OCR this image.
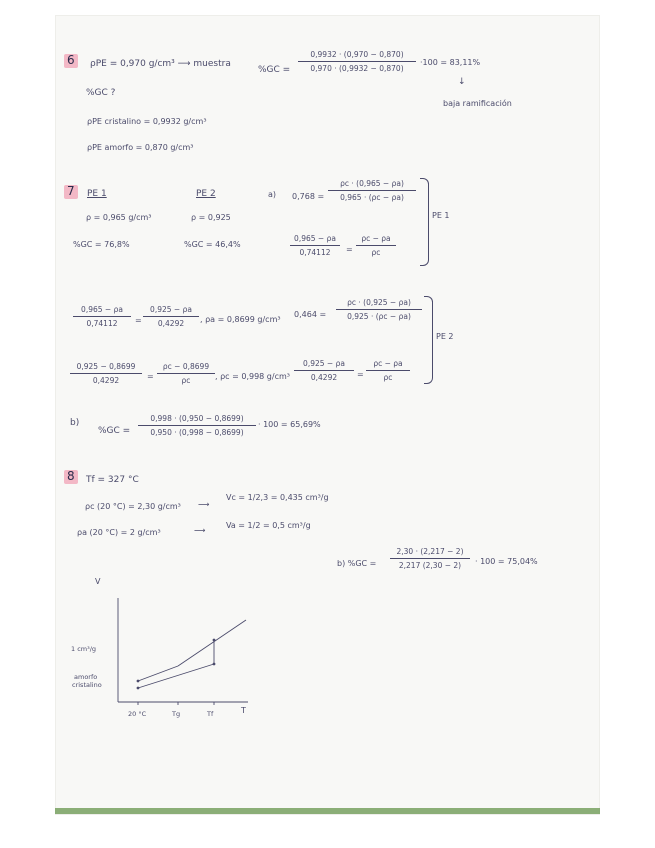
6 ρPE = 0,970 g/cm³ ⟶ muestra
%GC ?
ρPE cristalino = 0,9932 g/cm³
ρPE amorfo = 0,870 g/cm³
%GC =
0,9932 · (0,970 − 0,870)
0,970 · (0,9932 − 0,870)
·100 = 83,11%
↓
baja ramificación
7 PE 1
ρ = 0,965 g/cm³
%GC = 76,8%
PE 2
ρ = 0,925
%GC = 46,4%
a) 0,768 =
ρc · (0,965 − ρa)
0,965 · (ρc − ρa)
0,965 − ρa
0,74112	=
ρc − ρa
ρc
PE 1
0,965 − ρa
0,74112	=
0,925 − ρa
0,4292	, ρa = 0,8699 g/cm³
0,464 =
ρc · (0,925 − ρa)
0,925 · (ρc − ρa)
PE 2
0,925 − 0,8699
0,4292	=
ρc − 0,8699
ρc	, ρc = 0,998 g/cm³
0,925 − ρa
0,4292	=
ρc − ρa
ρc
b)
%GC =
0,998 · (0,950 − 0,8699)
0,950 · (0,998 − 0,8699)
· 100 = 65,69%
8 Tf = 327 °C
ρc (20 °C) = 2,30 g/cm³ ⟶
Vc = 1/2,3 = 0,435 cm³/g
ρa (20 °C) = 2 g/cm³	⟶
Va = 1/2 = 0,5 cm³/g
b) %GC =
2,30 · (2,217 − 2)
2,217 (2,30 − 2)	· 100 = 75,04%
V
T
1 cm³/g
amorfo
cristalino
20 °C	Tg	Tf
